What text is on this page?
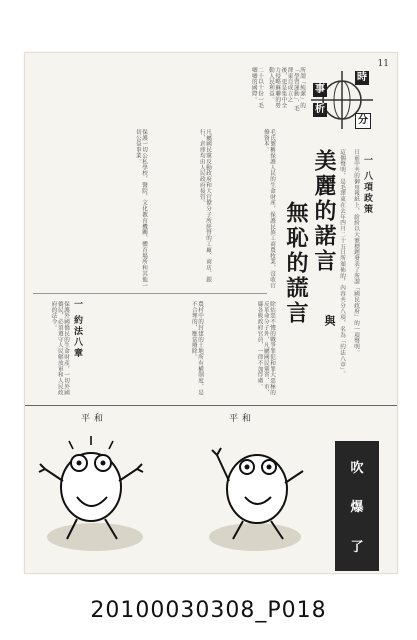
11
時
分
事
析
所謂「純潔」的「學習運動」，毛澤東自成立之後，更是集中全力侵略蘇聯的勞動人民利益。
二十以十份一毛卿卿的國際。
美麗的諾言
與
無恥的謊言
一 八項政策
日前中共的御用報紙上，紛紛以大號標題發表了所謂「國民政府」的一項聲明。
這個聲明，是毛澤東在去年四月二十五日所頒佈的，內容共分八項，名為「約法八章」。
毛氏號稱保護人民的生命財產，保護民族工商農牧業，沒收官僚資本。
凡屬國民黨反動政府和大官僚分子所經營的工廠、商店、銀行、倉庫均由人民政府接管。
保護一切公私學校、醫院、文化教育機關、體育場所和其他一切公益事業。
一 約法八章	除怙惡不悛的戰爭罪犯和罪大惡極的反革命分子外，凡屬國民黨省、市、縣各級政府官員，一律不加俘虜。
農村中的封建的土地所有權制度，是不合理的，應當廢除。
保護外國僑民的生命財產，一切外國僑民，必須遵守人民解放軍和人民政府的法令。
平和	平和
吹
爆
了
20100030308_P018
